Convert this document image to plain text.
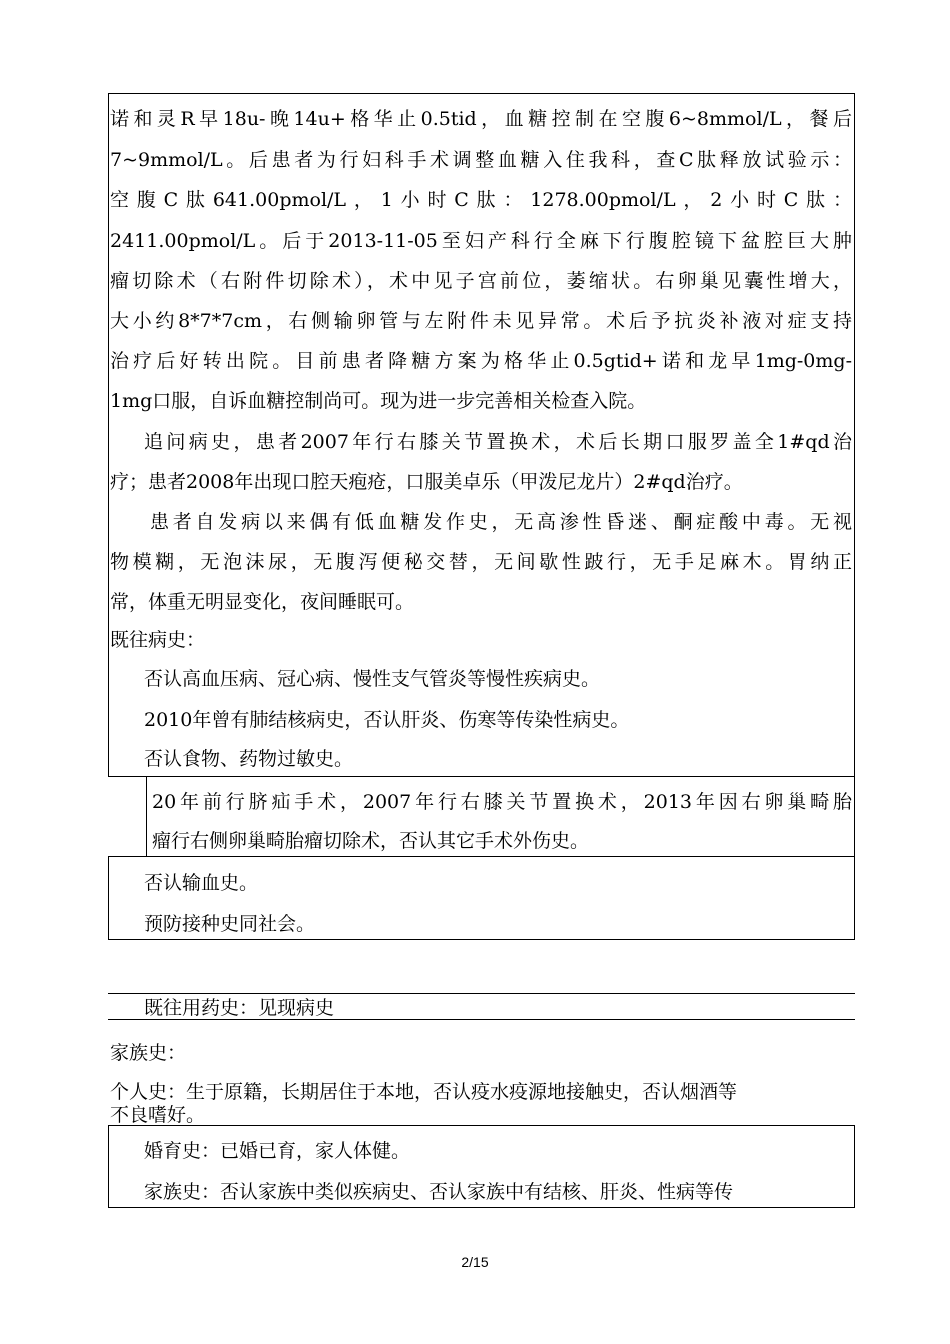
诺和灵R早18u-晚14u+格华止0.5tid，血糖控制在空腹6~8mmol/L，餐后
7~9mmol/L。后患者为行妇科手术调整血糖入住我科，查C肽释放试验示：
空腹C肽641.00pmol/L，1小时C肽：1278.00pmol/L，2小时C肽：
2411.00pmol/L。后于2013-11-05至妇产科行全麻下行腹腔镜下盆腔巨大肿
瘤切除术（右附件切除术），术中见子宫前位，萎缩状。右卵巢见囊性增大，
大小约8*7*7cm，右侧输卵管与左附件未见异常。术后予抗炎补液对症支持
治疗后好转出院。目前患者降糖方案为格华止0.5gtid+诺和龙早1mg-0mg-
1mg口服，自诉血糖控制尚可。现为进一步完善相关检查入院。
追问病史，患者2007年行右膝关节置换术，术后长期口服罗盖全1#qd治
疗；患者2008年出现口腔天疱疮，口服美卓乐（甲泼尼龙片）2#qd治疗。
患者自发病以来偶有低血糖发作史，无高渗性昏迷、酮症酸中毒。无视
物模糊，无泡沫尿，无腹泻便秘交替，无间歇性跛行，无手足麻木。胃纳正
常，体重无明显变化，夜间睡眠可。
既往病史：
否认高血压病、冠心病、慢性支气管炎等慢性疾病史。
2010年曾有肺结核病史，否认肝炎、伤寒等传染性病史。
否认食物、药物过敏史。
20年前行脐疝手术，2007年行右膝关节置换术，2013年因右卵巢畸胎
瘤行右侧卵巢畸胎瘤切除术，否认其它手术外伤史。
否认输血史。
预防接种史同社会。
既往用药史：见现病史
家族史：
个人史：生于原籍，长期居住于本地，否认疫水疫源地接触史，否认烟酒等
不良嗜好。
婚育史：已婚已育，家人体健。
家族史：否认家族中类似疾病史、否认家族中有结核、肝炎、性病等传
2/15
